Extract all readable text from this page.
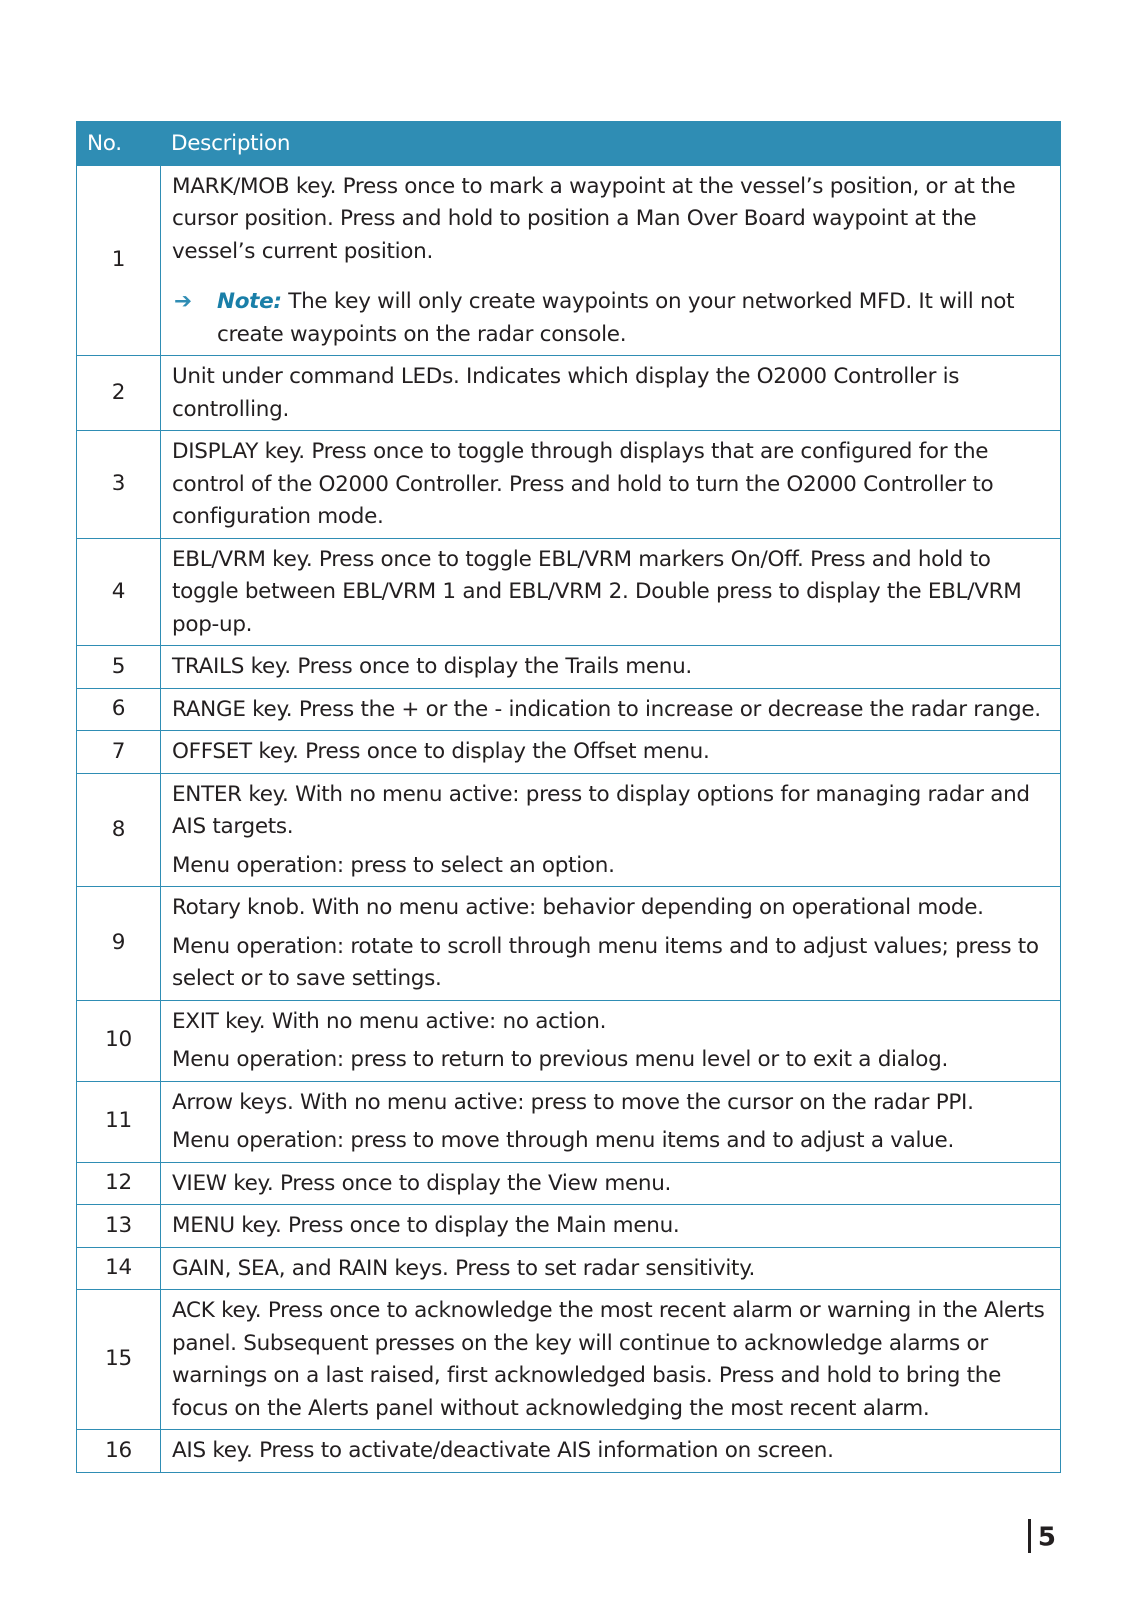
No.	Description
1	MARK/MOB key. Press once to mark a waypoint at the vessel’s position, or at the cursor position. Press and hold to position a Man Over Board waypoint at the vessel’s current position.

➔ Note: The key will only create waypoints on your networked MFD. It will not create waypoints on the radar console.

2	Unit under command LEDs. Indicates which display the O2000 Controller is controlling.

3	DISPLAY key. Press once to toggle through displays that are configured for the control of the O2000 Controller. Press and hold to turn the O2000 Controller to configuration mode.

4	EBL/VRM key. Press once to toggle EBL/VRM markers On/Off. Press and hold to toggle between EBL/VRM 1 and EBL/VRM 2. Double press to display the EBL/VRM pop-up.

5	TRAILS key. Press once to display the Trails menu.

6	RANGE key. Press the + or the - indication to increase or decrease the radar range.

7	OFFSET key. Press once to display the Offset menu.

8	ENTER key. With no menu active: press to display options for managing radar and AIS targets.

Menu operation: press to select an option.

9	Rotary knob. With no menu active: behavior depending on operational mode.

Menu operation: rotate to scroll through menu items and to adjust values; press to select or to save settings.

10	EXIT key. With no menu active: no action.

Menu operation: press to return to previous menu level or to exit a dialog.

11	Arrow keys. With no menu active: press to move the cursor on the radar PPI.

Menu operation: press to move through menu items and to adjust a value.

12	VIEW key. Press once to display the View menu.

13	MENU key. Press once to display the Main menu.

14	GAIN, SEA, and RAIN keys. Press to set radar sensitivity.

15	ACK key. Press once to acknowledge the most recent alarm or warning in the Alerts panel. Subsequent presses on the key will continue to acknowledge alarms or warnings on a last raised, first acknowledged basis. Press and hold to bring the focus on the Alerts panel without acknowledging the most recent alarm.

16	AIS key. Press to activate/deactivate AIS information on screen.

5
